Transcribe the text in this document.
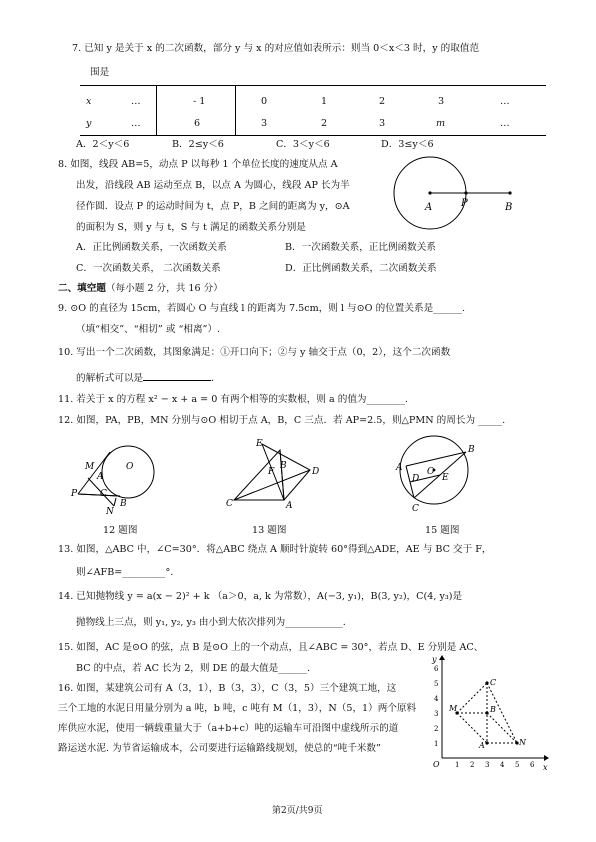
7. 已知 y 是关于 x 的二次函数，部分 y 与 x 的对应值如表所示：则当 0＜x＜3 时，y 的取值范
围是
x	…	- 1	0	1	2	3	…
y	…	6	3	2	3	m	…
A．2＜y＜6	B．2≤y＜6	C．3＜y＜6	D．3≤y＜6
8. 如图，线段 AB=5，动点 P 以每秒 1 个单位长度的速度从点 A
出发，沿线段 AB 运动至点 B，以点 A 为圆心，线段 AP 长为半
径作圆．设点 P 的运动时间为 t，点 P，B 之间的距离为 y，⊙A
的面积为 S，则 y 与 t，S 与 t 满足的函数关系分别是
A	P	B
A．正比例函数关系，一次函数关系	B．一次函数关系，正比例函数关系
C．一次函数关系， 二次函数关系	D．正比例函数关系，二次函数关系
二、填空题（每小题 2 分，共 16 分）
9. ⊙O 的直径为 15cm，若圆心 O 与直线 l 的距离为 7.5cm，则 l 与⊙O 的位置关系是______.
（填“相交”、“相切” 或 “相离”）.
10. 写出一个二次函数，其图象满足：①开口向下；②与 y 轴交于点（0，2），这个二次函数
的解析式可以是	．
11. 若关于 x 的方程 x² − x + a = 0 有两个相等的实数根，则 a 的值为________.
12. 如图，PA，PB，MN 分别与⊙O 相切于点 A，B，C 三点．若 AP=2.5，则△PMN 的周长为 _____.
M
A
O
P	C
B
N
12 题图
E
B
F	D
C	A
13 题图
B
A
D
O
E
C
15 题图
13. 如图，△ABC 中，∠C=30°．将△ABC 绕点 A 顺时针旋转 60°得到△ADE，AE 与 BC 交于 F，
则∠AFB=_________°．
14. 已知抛物线 y = a(x − 2)² + k （a＞0，a, k 为常数），A(−3, y₁)，B(3, y₂)，C(4, y₃)是
抛物线上三点，则 y₁, y₂, y₃ 由小到大依次排列为____________.
15. 如图，AC 是⊙O 的弦，点 B 是⊙O 上的一个动点，且∠ABC = 30°，若点 D、E 分别是 AC、
BC 的中点，若 AC 长为 2，则 DE 的最大值是______.
16. 如图，某建筑公司有 A（3，1），B（3，3），C（3，5）三个建筑工地，这
三个工地的水泥日用量分别为 a 吨，b 吨，c 吨有 M（1，3），N（5，1）两个原料
库供应水泥，使用一辆载重量大于（a+b+c）吨的运输车可沿图中虚线所示的道
路运送水泥. 为节省运输成本，公司要进行运输路线规划，使总的“吨千米数”
M
C
B
A	N
x
y
O 1 2 3 4 5 6
1
2
3
4
5
6
第2页/共9页
